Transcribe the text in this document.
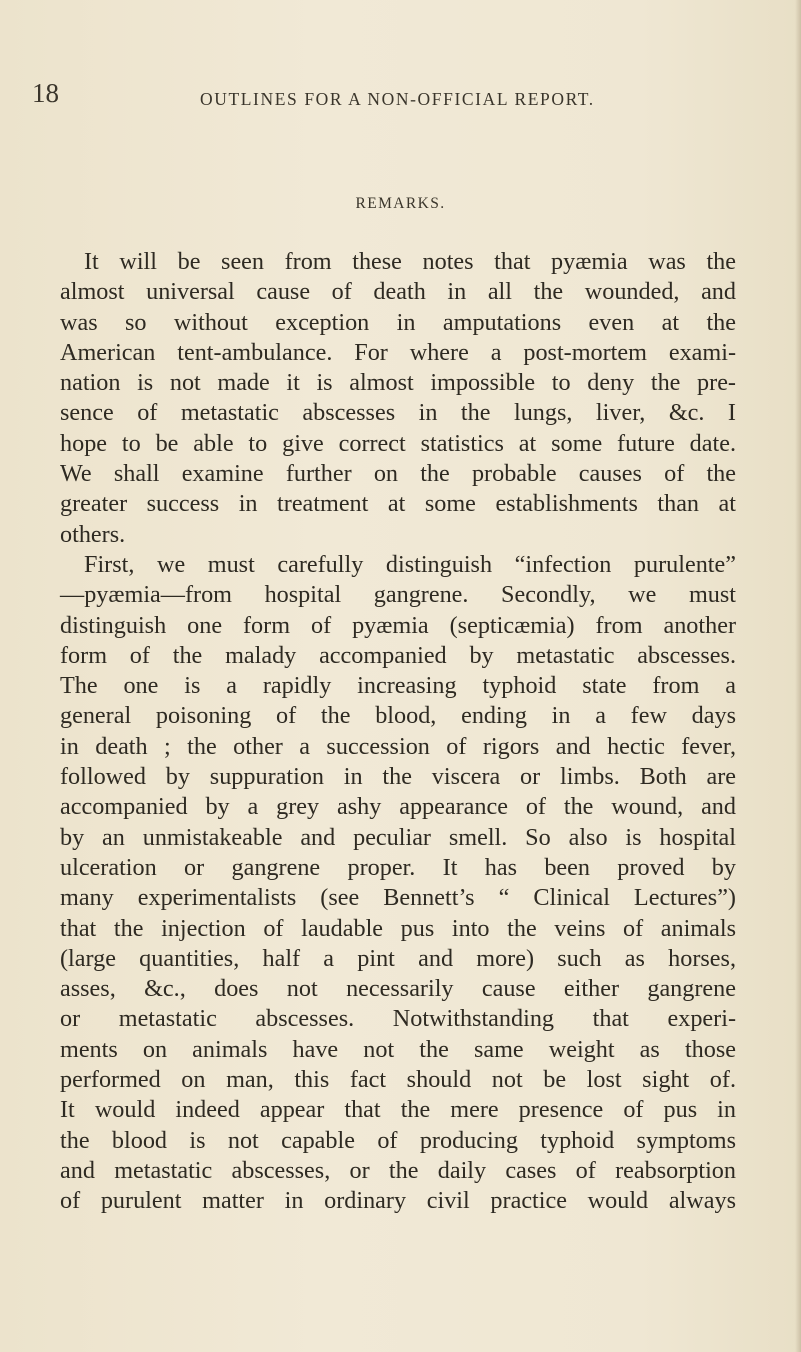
18	OUTLINES FOR A NON-OFFICIAL REPORT.
REMARKS.
It will be seen from these notes that pyæmia was the
almost universal cause of death in all the wounded, and
was so without exception in amputations even at the
American tent-ambulance. For where a post-mortem exami-
nation is not made it is almost impossible to deny the pre-
sence of metastatic abscesses in the lungs, liver, &c. I
hope to be able to give correct statistics at some future date.
We shall examine further on the probable causes of the
greater success in treatment at some establishments than at
others.
First, we must carefully distinguish “infection purulente”
—pyæmia—from hospital gangrene. Secondly, we must
distinguish one form of pyæmia (septicæmia) from another
form of the malady accompanied by metastatic abscesses.
The one is a rapidly increasing typhoid state from a
general poisoning of the blood, ending in a few days
in death ; the other a succession of rigors and hectic fever,
followed by suppuration in the viscera or limbs. Both are
accompanied by a grey ashy appearance of the wound, and
by an unmistakeable and peculiar smell. So also is hospital
ulceration or gangrene proper. It has been proved by
many experimentalists (see Bennett’s “ Clinical Lectures”)
that the injection of laudable pus into the veins of animals
(large quantities, half a pint and more) such as horses,
asses, &c., does not necessarily cause either gangrene
or metastatic abscesses. Notwithstanding that experi-
ments on animals have not the same weight as those
performed on man, this fact should not be lost sight of.
It would indeed appear that the mere presence of pus in
the blood is not capable of producing typhoid symptoms
and metastatic abscesses, or the daily cases of reabsorption
of purulent matter in ordinary civil practice would always
